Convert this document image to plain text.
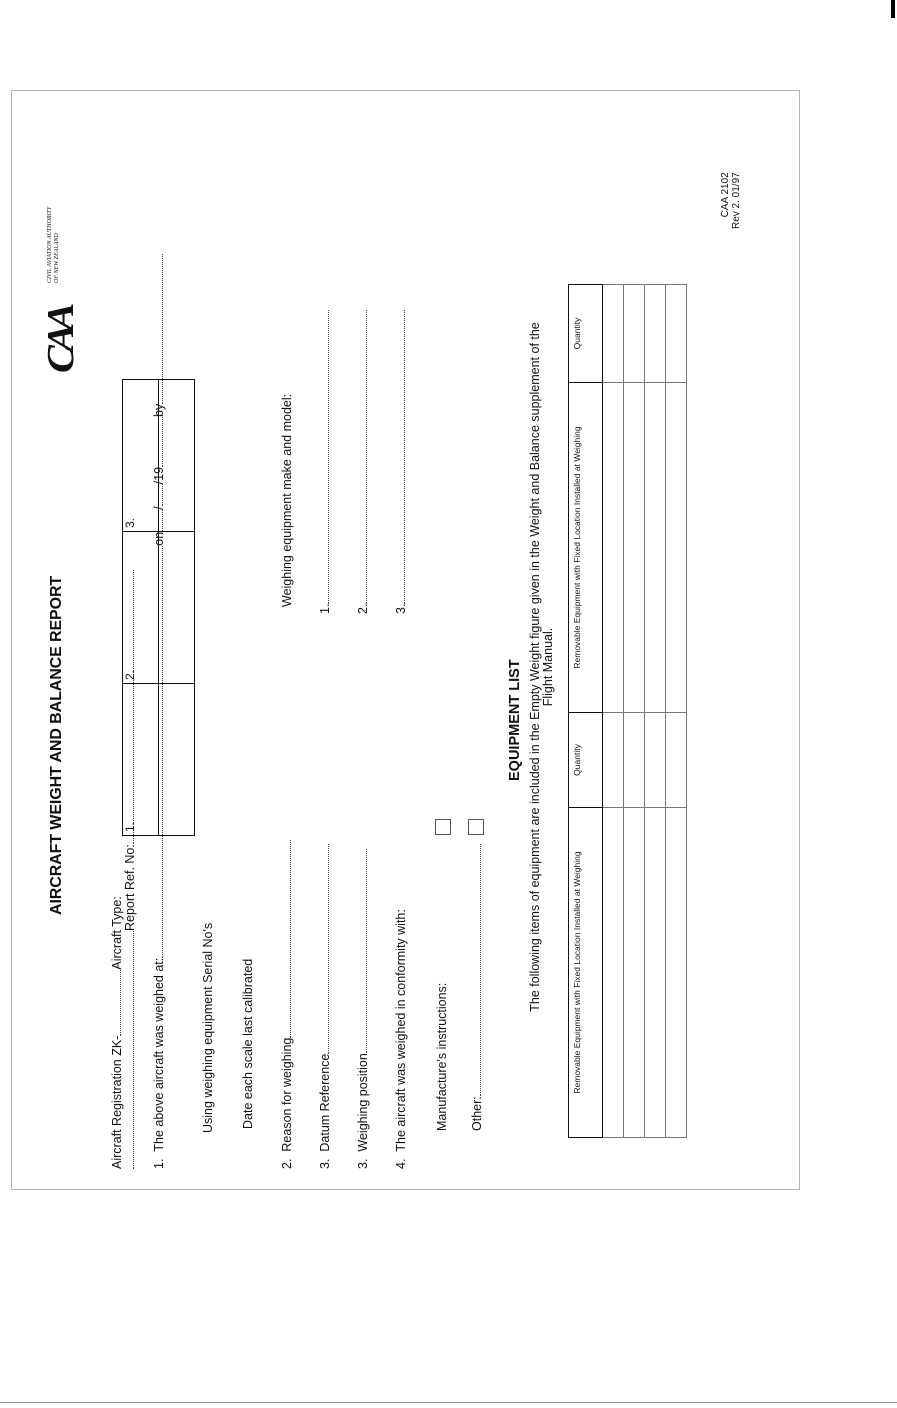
AIRCRAFT WEIGHT AND BALANCE REPORT
CAA
CIVIL AVIATION AUTHORITY OF NEW ZEALAND
Aircraft Registration ZK-Aircraft Type:
Report Ref. No:
1.  The above aircraft was weighed at:on//19by
Using weighing equipment Serial No's Date each scale last calibrated
1.	2.	3.

2.  Reason for weighing
Weighing equipment make and model:
3.  Datum Reference
1.
3.  Weighing position
2.
4.  The aircraft was weighed in conformity with:
3.
Manufacture's instructions: Other:
EQUIPMENT LIST The following items of equipment are included in the Empty Weight figure given in the Weight and Balance supplement of the Flight Manual.
Removable Equipment with Fixed Location Installed at Weighing	Quantity	Removable Equipment with Fixed Location Installed at Weighing	Quantity

CAA 2102 Rev 2. 01/97
